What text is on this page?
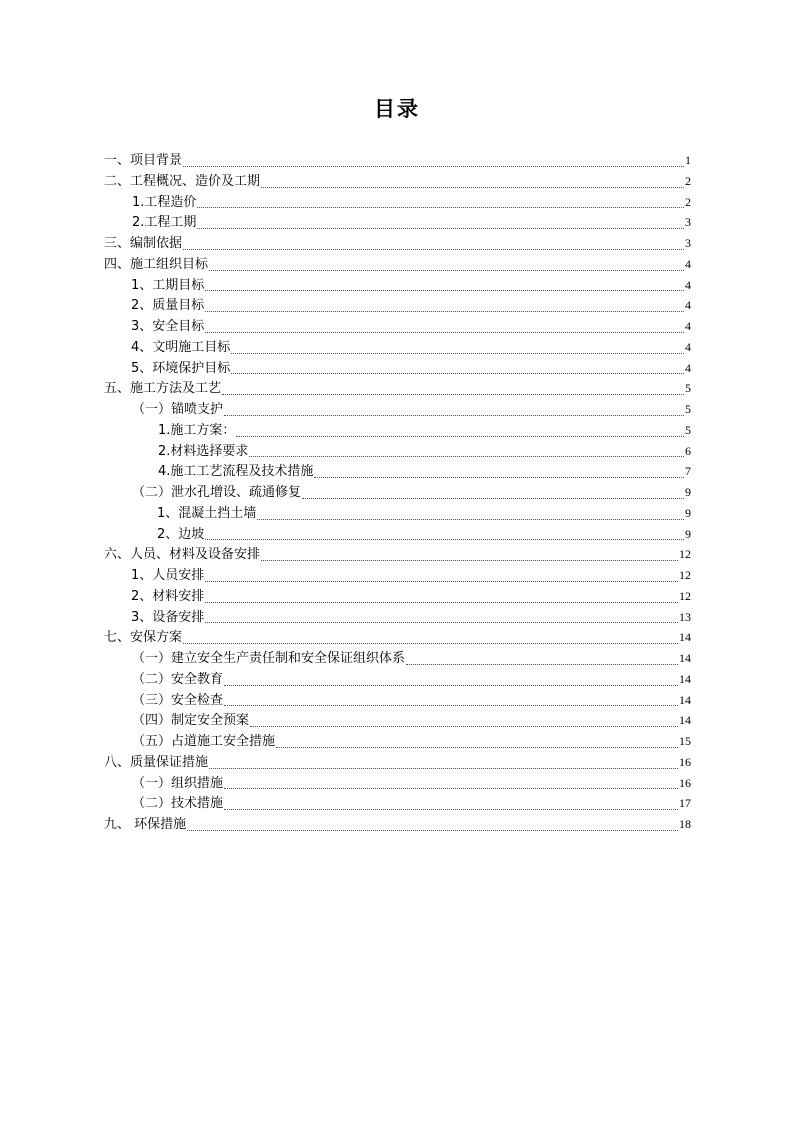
目录
一、项目背景	1
二、工程概况、造价及工期	2
1.工程造价	2
2.工程工期	3
三、编制依据	3
四、施工组织目标	4
1、工期目标	4
2、质量目标	4
3、安全目标	4
4、文明施工目标	4
5、环境保护目标	4
五、施工方法及工艺	5
（一）锚喷支护	5
1.施工方案：	5
2.材料选择要求	6
4.施工工艺流程及技术措施	7
（二）泄水孔增设、疏通修复	9
1、混凝土挡土墙	9
2、边坡	9
六、人员、材料及设备安排	12
1、人员安排	12
2、材料安排	12
3、设备安排	13
七、安保方案	14
（一）建立安全生产责任制和安全保证组织体系	14
（二）安全教育	14
（三）安全检查	14
（四）制定安全预案	14
（五）占道施工安全措施	15
八、质量保证措施	16
（一）组织措施	16
（二）技术措施	17
九、 环保措施	18
